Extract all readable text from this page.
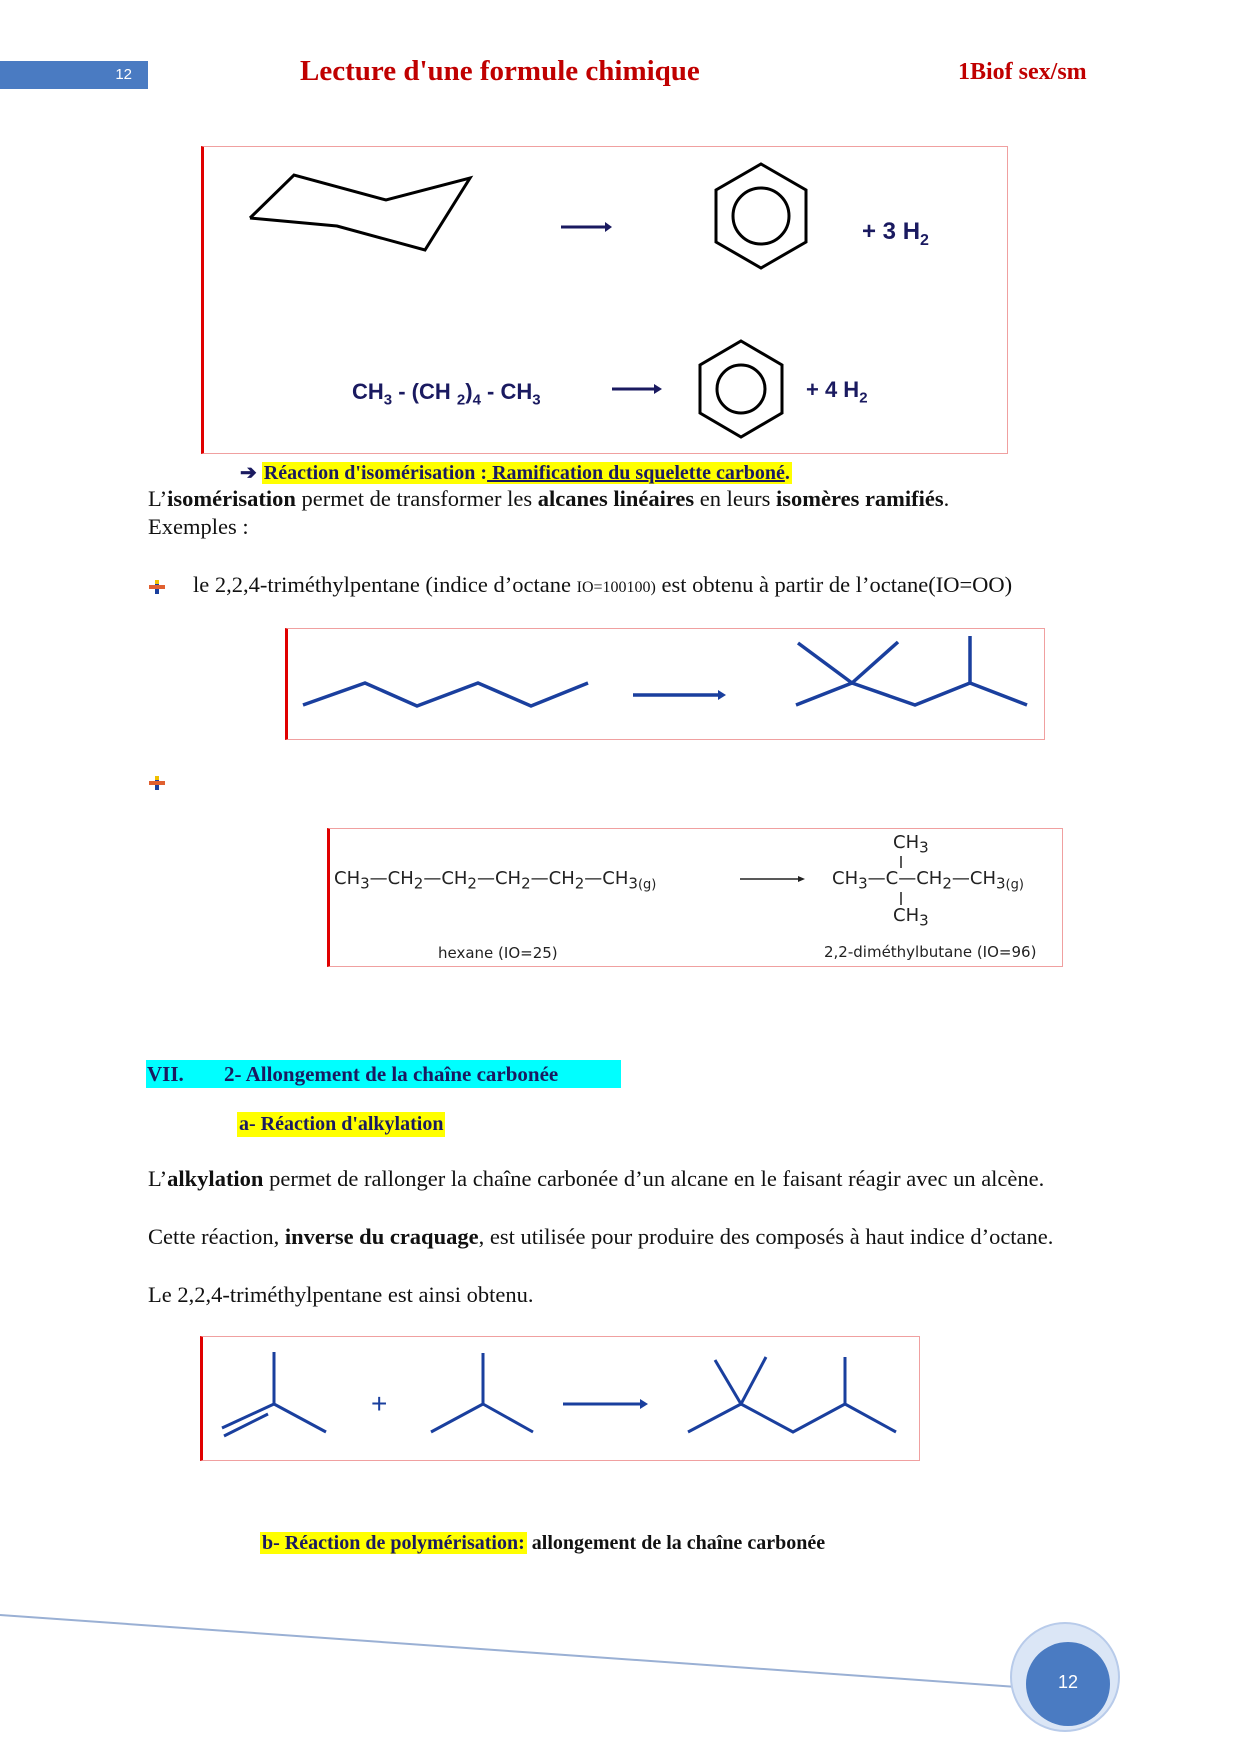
12	Lecture d'une formule chimique	1Biof sex/sm
+ 3 $H_2$
$CH_3 - (CH$ $_2)_4 - CH_3$	+ 4 $H_2$
➔ Réaction d'isomérisation : Ramification du squelette carboné.
L’isomérisation permet de transformer les alcanes linéaires en leurs isomères ramifiés.
Exemples :
le 2,2,4-triméthylpentane (indice d’octane IO=100100) est obtenu à partir de l’octane(IO=OO)
$CH_3—CH_2—CH_2—CH_2—CH_2—CH_{3(g)}$
$CH_3$
$CH_3—C—CH_2—CH_{3(g)}$
$CH_3$
hexane (IO=25)	2,2-diméthylbutane (IO=96)
VII. 2- Allongement de la chaîne carbonée
a- Réaction d'alkylation
L’alkylation permet de rallonger la chaîne carbonée d’un alcane en le faisant réagir avec un alcène.
Cette réaction, inverse du craquage, est utilisée pour produire des composés à haut indice d’octane.
Le 2,2,4-triméthylpentane est ainsi obtenu.
+
b- Réaction de polymérisation: allongement de la chaîne carbonée
12
